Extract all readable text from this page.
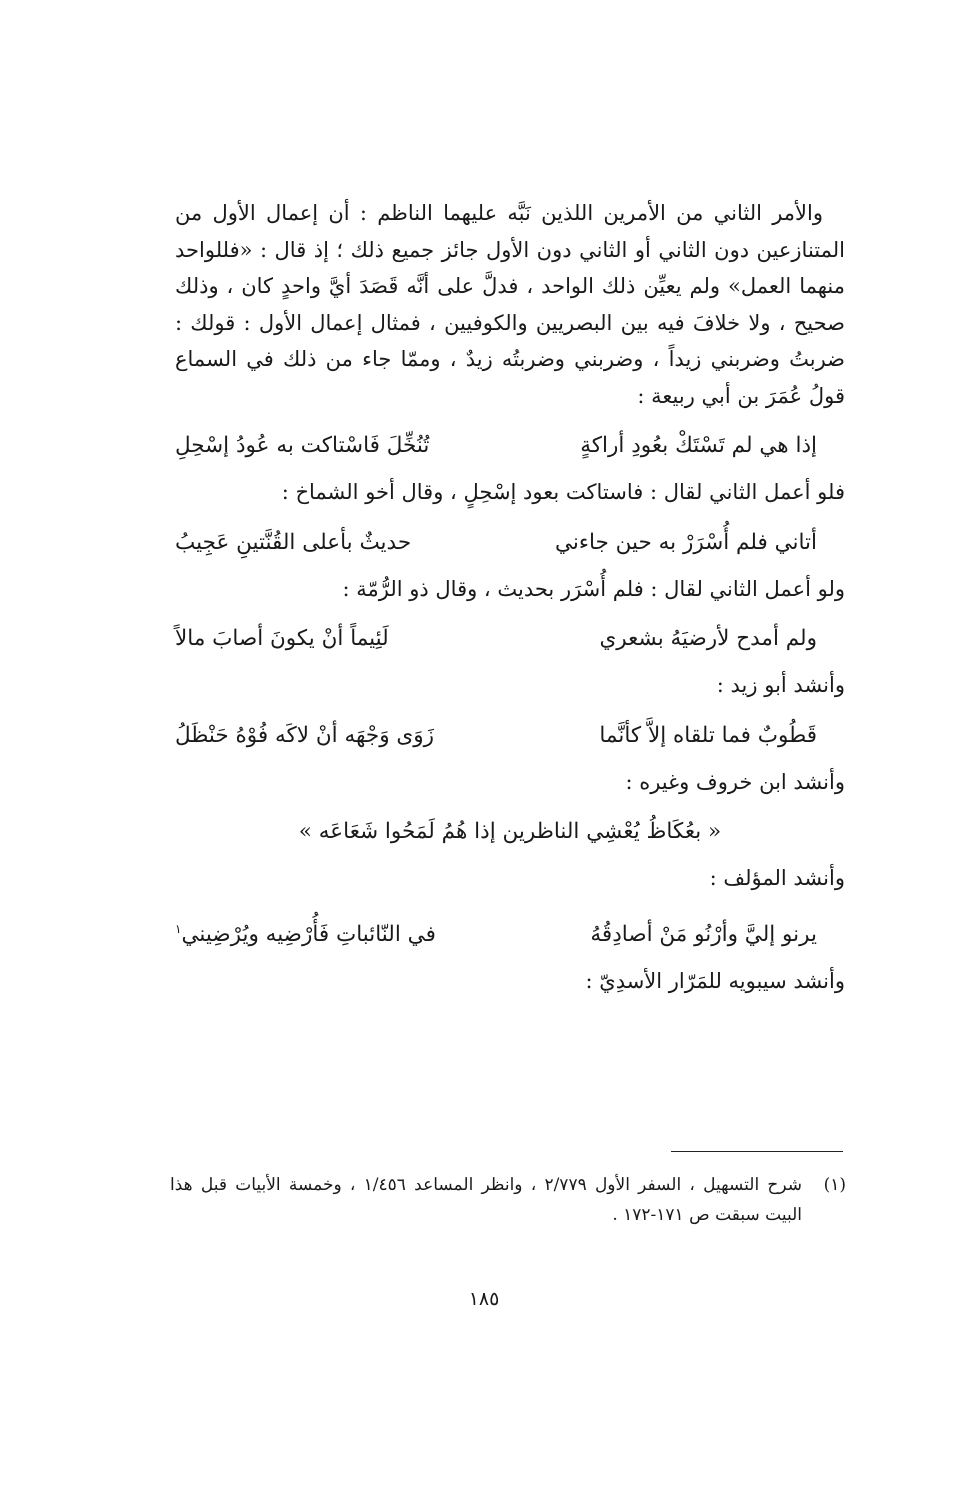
والأمر الثاني من الأمرين اللذين نَبَّه عليهما الناظم : أن إعمال الأول من المتنازعين دون الثاني أو الثاني دون الأول جائز جميع ذلك ؛ إذ قال : «فللواحد منهما العمل» ولم يعيِّن ذلك الواحد ، فدلَّ على أنَّه قَصَدَ أيَّ واحدٍ كان ، وذلك صحيح ، ولا خلافَ فيه بين البصريين والكوفيين ، فمثال إعمال الأول : قولك : ضربتُ وضربني زيداً ، وضربني وضربتُه زيدٌ ، وممّا جاء من ذلك في السماع قولُ عُمَرَ بن أبي ربيعة :

إذا هي لم تَسْتَكْ بعُودِ أراكةٍ
تُنُخِّلَ فَاسْتاكت به عُودُ إسْحِلِ

فلو أعمل الثاني لقال : فاستاكت بعود إسْحِلٍ ، وقال أخو الشماخ :

أتاني فلم أُسْرَرْ به حين جاءني
حديثٌ بأعلى القُنَّتينِ عَجِيبُ

ولو أعمل الثاني لقال : فلم أُسْرَر بحديث ، وقال ذو الرُّمّة :

ولم أمدح لأرضيَهُ بشعري
لَئِيماً أنْ يكونَ أصابَ مالاً

وأنشد أبو زيد :

قَطُوبٌ فما تلقاه إلاَّ كأنَّما
زَوَى وَجْهَه أنْ لاكَه فُوْهُ حَنْظَلُ

وأنشد ابن خروف وغيره :

« بعُكَاظُ يُعْشِي الناظرين إذا هُمُ لَمَحُوا شَعَاعَه »

وأنشد المؤلف :

يرنو إليَّ وأرْنُو مَنْ أصادِقُهُ
في النّائباتِ فَأُرْضِيه ويُرْضِيني$^١$

وأنشد سيبويه للمَرّار الأسدِيّ :

(١)
شرح التسهيل ، السفر الأول ٢/٧٧٩ ، وانظر المساعد ١/٤٥٦ ، وخمسة الأبيات قبل هذا البيت سبقت ص ١٧١-١٧٢ .
١٨٥
